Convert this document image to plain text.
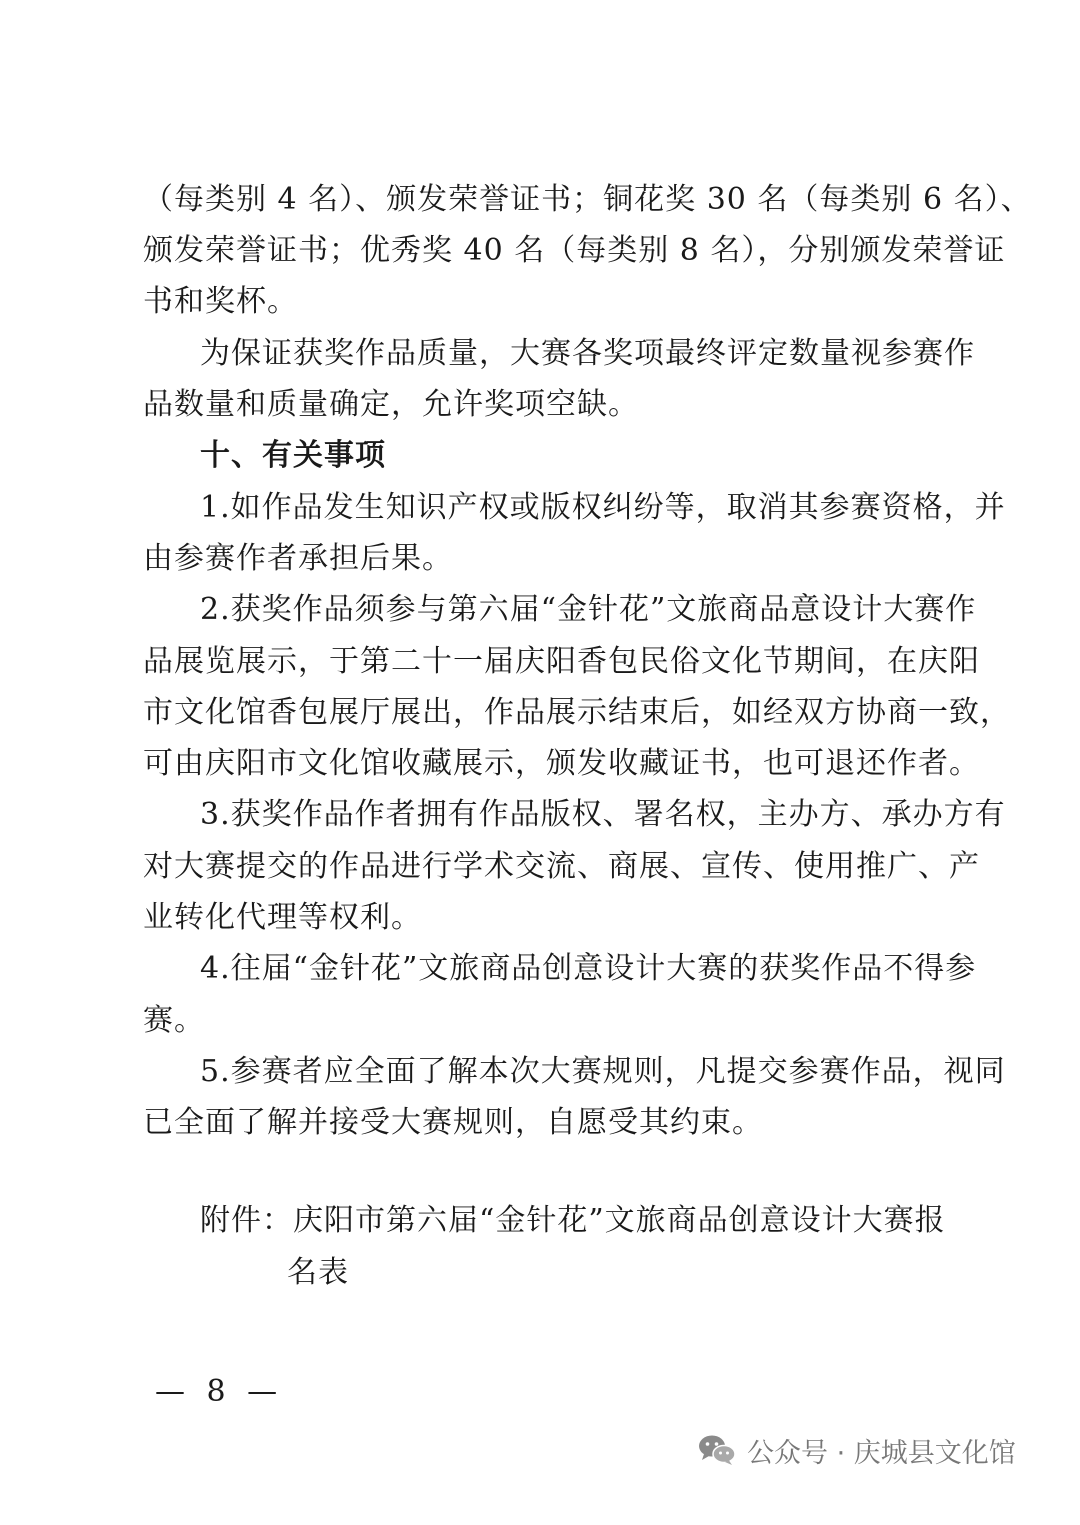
（每类别 4 名）、颁发荣誉证书；铜花奖 30 名（每类别 6 名）、
颁发荣誉证书；优秀奖 40 名（每类别 8 名），分别颁发荣誉证
书和奖杯。
为保证获奖作品质量，大赛各奖项最终评定数量视参赛作
品数量和质量确定，允许奖项空缺。
十、有关事项
1.如作品发生知识产权或版权纠纷等，取消其参赛资格，并
由参赛作者承担后果。
2.获奖作品须参与第六届“金针花”文旅商品意设计大赛作
品展览展示，于第二十一届庆阳香包民俗文化节期间，在庆阳
市文化馆香包展厅展出，作品展示结束后，如经双方协商一致，
可由庆阳市文化馆收藏展示，颁发收藏证书，也可退还作者。
3.获奖作品作者拥有作品版权、署名权，主办方、承办方有
对大赛提交的作品进行学术交流、商展、宣传、使用推广、产
业转化代理等权利。
4.往届“金针花”文旅商品创意设计大赛的获奖作品不得参
赛。
5.参赛者应全面了解本次大赛规则，凡提交参赛作品，视同
已全面了解并接受大赛规则，自愿受其约束。
附件：庆阳市第六届“金针花”文旅商品创意设计大赛报
名表
— 8 —
公众号 · 庆城县文化馆
